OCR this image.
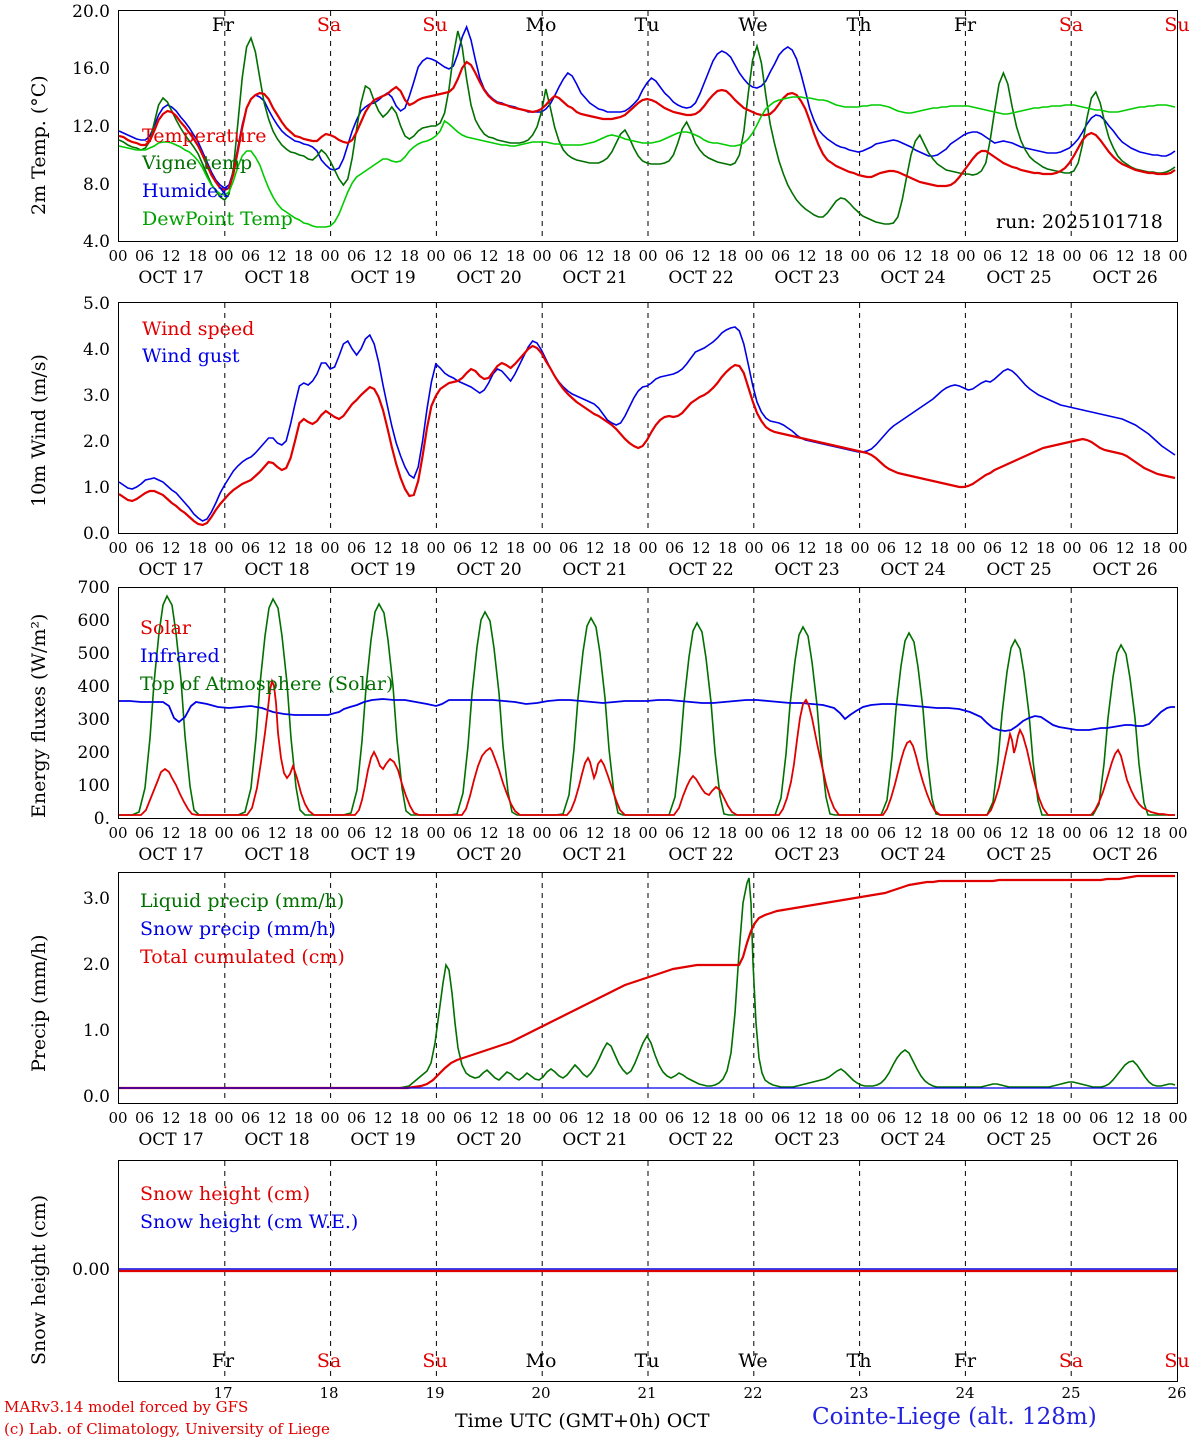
2m Temp. (°C)
20.0
16.0
12.0
8.0
4.0
Temperature
Vigne temp
Humidex
DewPoint Temp	run: 2025101718
Fr	Sa	Su	Mo	Tu	We	Th	Fr	Sa	Su
00 06 12 18 00 06 12 18 00 06 12 18 00 06 12 18 00 06 12 18 00 06 12 18 00 06 12 18 00 06 12 18 00 06 12 18 00 06 12 18 00
OCT 17	OCT 18	OCT 19	OCT 20	OCT 21	OCT 22	OCT 23	OCT 24	OCT 25	OCT 26
10m Wind (m/s)
5.0
4.0
3.0
2.0
1.0
0.0
Wind speed
Wind gust
00 06 12 18 00 06 12 18 00 06 12 18 00 06 12 18 00 06 12 18 00 06 12 18 00 06 12 18 00 06 12 18 00 06 12 18 00 06 12 18 00
OCT 17	OCT 18	OCT 19	OCT 20	OCT 21	OCT 22	OCT 23	OCT 24	OCT 25	OCT 26
Energy fluxes (W/m²)
700
600
500
400
300
200
100
0.
Solar
Infrared
Top of Atmosphere (Solar)
00 06 12 18 00 06 12 18 00 06 12 18 00 06 12 18 00 06 12 18 00 06 12 18 00 06 12 18 00 06 12 18 00 06 12 18 00 06 12 18 00
OCT 17	OCT 18	OCT 19	OCT 20	OCT 21	OCT 22	OCT 23	OCT 24	OCT 25	OCT 26
Precip (mm/h)
3.0
2.0
1.0
0.0
Liquid precip (mm/h)
Snow precip (mm/h)
Total cumulated (cm)
00 06 12 18 00 06 12 18 00 06 12 18 00 06 12 18 00 06 12 18 00 06 12 18 00 06 12 18 00 06 12 18 00 06 12 18 00 06 12 18 00
OCT 17	OCT 18	OCT 19	OCT 20	OCT 21	OCT 22	OCT 23	OCT 24	OCT 25	OCT 26
Snow height (cm)	0.00
Snow height (cm)
Snow height (cm W.E.)
Fr	Sa	Su	Mo	Tu	We	Th	Fr	Sa	Su
17	18	19	20	21	22	23	24	25	26
MARv3.14 model forced by GFS
(c) Lab. of Climatology, University of Liege	Time UTC (GMT+0h) OCT	Cointe-Liege (alt. 128m)
